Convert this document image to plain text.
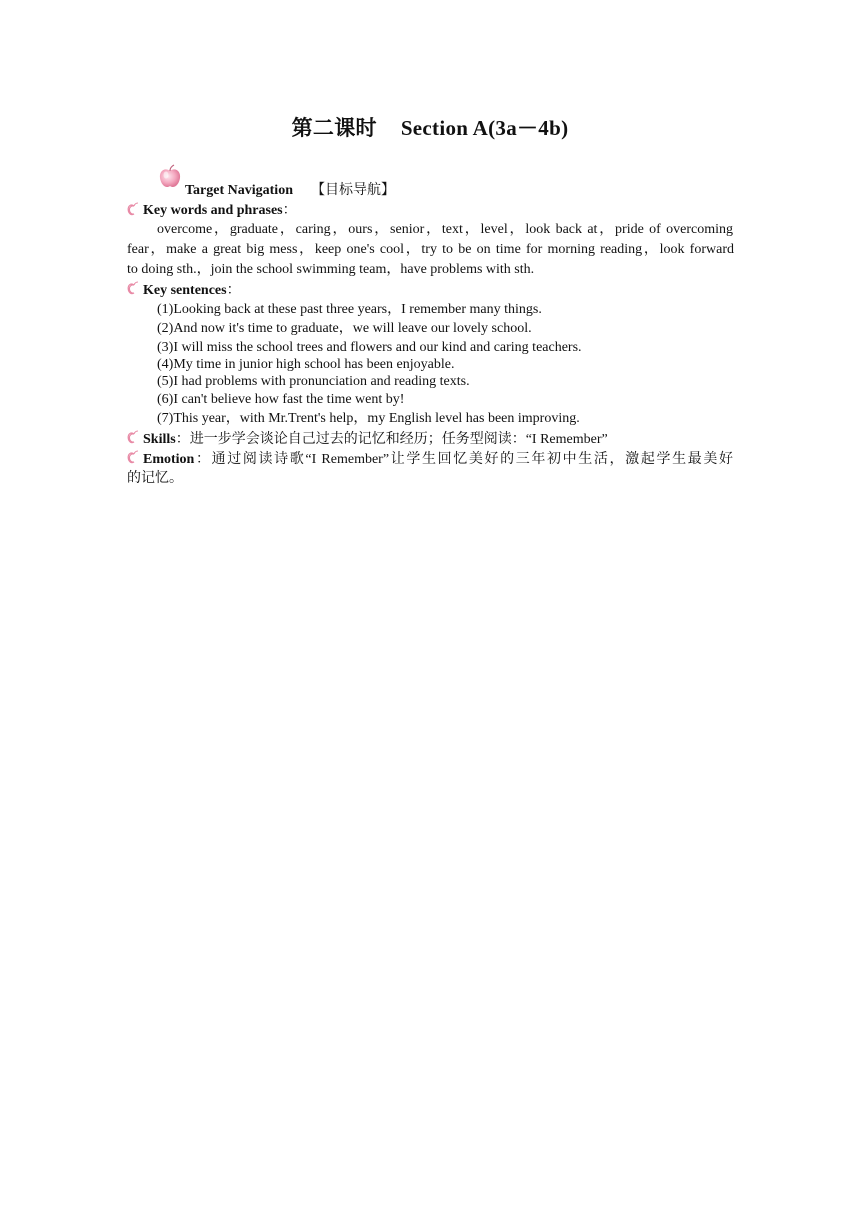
第二课时 Section A(3a－4b)
Target Navigation 【目标导航】
Key words and phrases：
overcome，graduate，caring，ours，senior，text，level，look back at，pride of overcoming
fear，make a great big mess，keep one's cool，try to be on time for morning reading，look forward
to doing sth.，join the school swimming team，have problems with sth.
Key sentences：
(1)Looking back at these past three years，I remember many things.
(2)And now it's time to graduate，we will leave our lovely school.
(3)I will miss the school trees and flowers and our kind and caring teachers.
(4)My time in junior high school has been enjoyable.
(5)I had problems with pronunciation and reading texts.
(6)I can't believe how fast the time went by!
(7)This year，with Mr.Trent's help，my English level has been improving.
Skills：进一步学会谈论自己过去的记忆和经历；任务型阅读：“I Remember”
Emotion：通过阅读诗歌“I Remember”让学生回忆美好的三年初中生活，激起学生最美好
的记忆。
